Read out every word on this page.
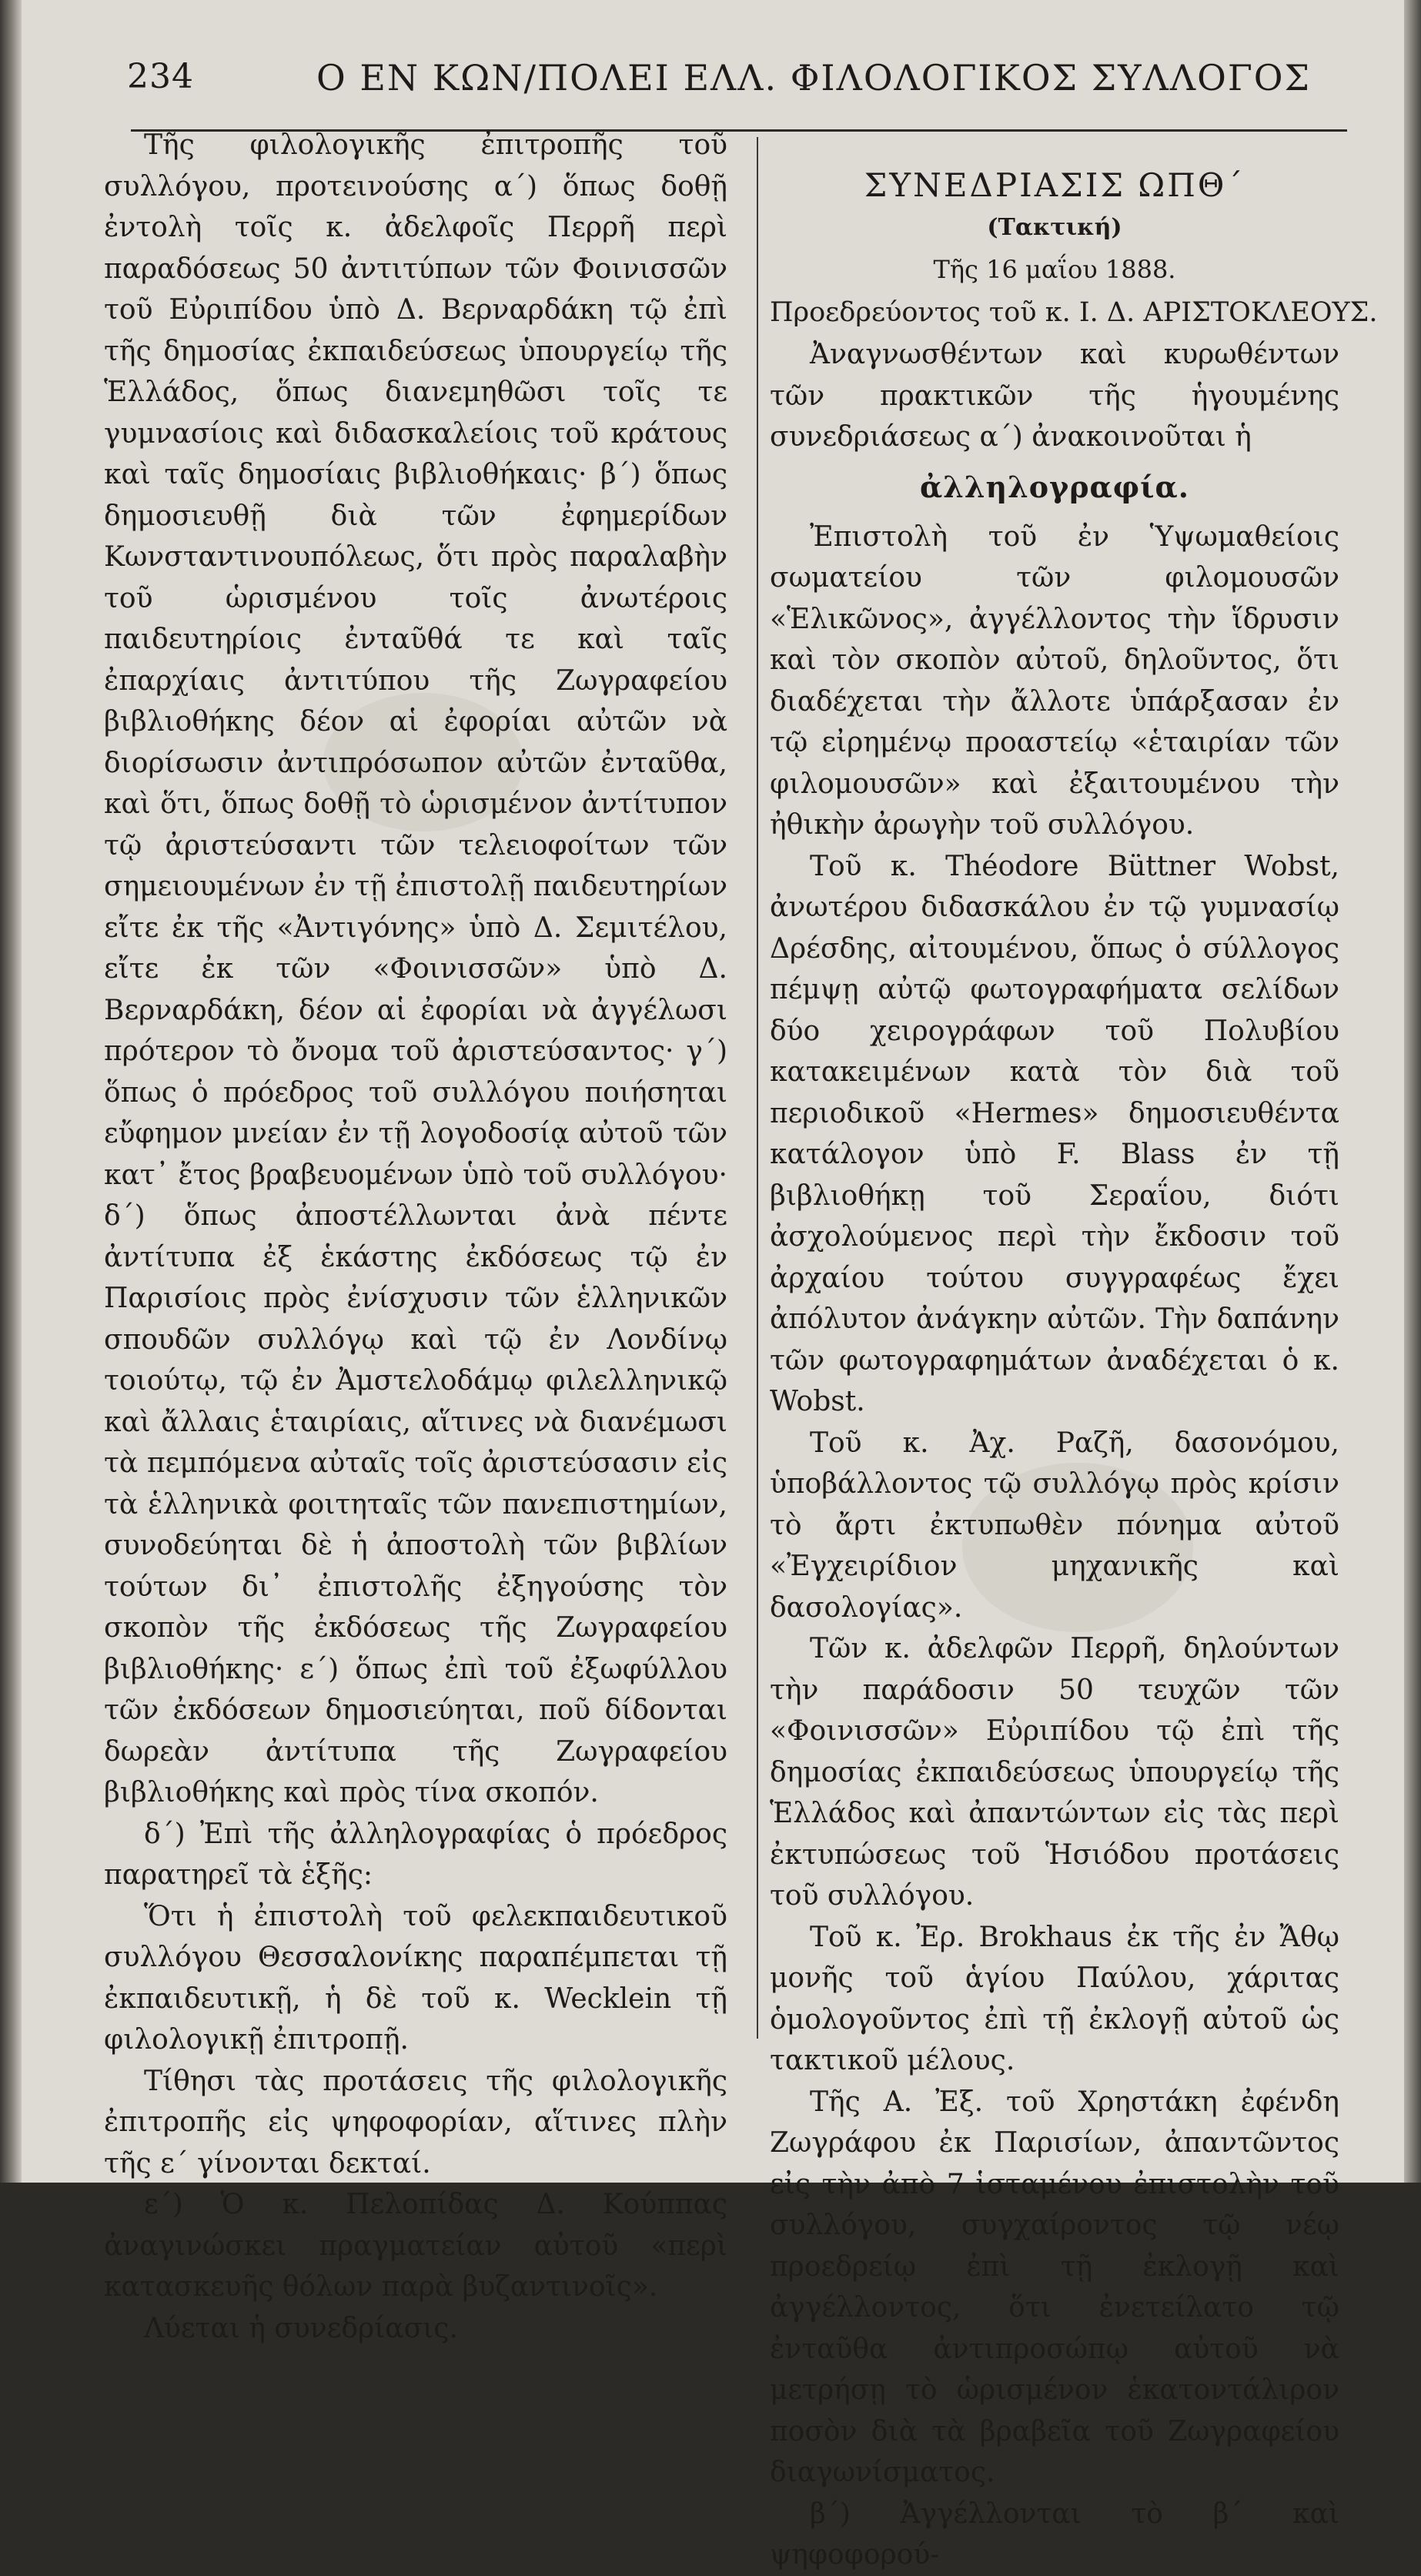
234	Ο ΕΝ ΚΩΝ/ΠΟΛΕΙ ΕΛΛ. ΦΙΛΟΛΟΓΙΚΟΣ ΣΥΛΛΟΓΟΣ

Τῆς φιλολογικῆς ἐπιτροπῆς τοῦ συλλόγου, προτεινούσης α´) ὅπως δοθῇ ἐντολὴ τοῖς κ. ἀδελφοῖς Περρῆ περὶ παραδόσεως 50 ἀντιτύπων τῶν Φοινισσῶν τοῦ Εὐριπίδου ὑπὸ Δ. Βερναρδάκη τῷ ἐπὶ τῆς δημοσίας ἐκπαιδεύσεως ὑπουργείῳ τῆς Ἑλλάδος, ὅπως διανεμηθῶσι τοῖς τε γυμνασίοις καὶ διδασκαλείοις τοῦ κράτους καὶ ταῖς δημοσίαις βιβλιοθήκαις· β´) ὅπως δημοσιευθῇ διὰ τῶν ἐφημερίδων Κωνσταντινουπόλεως, ὅτι πρὸς παραλαβὴν τοῦ ὡρισμένου τοῖς ἀνωτέροις παιδευτηρίοις ἐνταῦθά τε καὶ ταῖς ἐπαρχίαις ἀντιτύπου τῆς Ζωγραφείου βιβλιοθήκης δέον αἱ ἐφορίαι αὐτῶν νὰ διορίσωσιν ἀντιπρόσωπον αὐτῶν ἐνταῦθα, καὶ ὅτι, ὅπως δοθῇ τὸ ὡρισμένον ἀντίτυπον τῷ ἀριστεύσαντι τῶν τελειοφοίτων τῶν σημειουμένων ἐν τῇ ἐπιστολῇ παιδευτηρίων εἴτε ἐκ τῆς «Ἀντιγόνης» ὑπὸ Δ. Σεμιτέλου, εἴτε ἐκ τῶν «Φοινισσῶν» ὑπὸ Δ. Βερναρδάκη, δέον αἱ ἐφορίαι νὰ ἀγγέλωσι πρότερον τὸ ὄνομα τοῦ ἀριστεύσαντος· γ´) ὅπως ὁ πρόεδρος τοῦ συλλόγου ποιήσηται εὔφημον μνείαν ἐν τῇ λογοδοσίᾳ αὐτοῦ τῶν κατ᾽ ἔτος βραβευομένων ὑπὸ τοῦ συλλόγου· δ´) ὅπως ἀποστέλλωνται ἀνὰ πέντε ἀντίτυπα ἐξ ἑκάστης ἐκδόσεως τῷ ἐν Παρισίοις πρὸς ἐνίσχυσιν τῶν ἑλληνικῶν σπουδῶν συλλόγῳ καὶ τῷ ἐν Λονδίνῳ τοιούτῳ, τῷ ἐν Ἀμστελοδάμῳ φιλελληνικῷ καὶ ἄλλαις ἑταιρίαις, αἵτινες νὰ διανέμωσι τὰ πεμπόμενα αὐταῖς τοῖς ἀριστεύσασιν εἰς τὰ ἑλληνικὰ φοιτηταῖς τῶν πανεπιστημίων, συνοδεύηται δὲ ἡ ἀποστολὴ τῶν βιβλίων τούτων δι᾽ ἐπιστολῆς ἐξηγούσης τὸν σκοπὸν τῆς ἐκδόσεως τῆς Ζωγραφείου βιβλιοθήκης· ε´) ὅπως ἐπὶ τοῦ ἐξωφύλλου τῶν ἐκδόσεων δημοσιεύηται, ποῦ δίδονται δωρεὰν ἀντίτυπα τῆς Ζωγραφείου βιβλιοθήκης καὶ πρὸς τίνα σκοπόν.

δ´) Ἐπὶ τῆς ἀλληλογραφίας ὁ πρόεδρος παρατηρεῖ τὰ ἑξῆς:

Ὅτι ἡ ἐπιστολὴ τοῦ φελεκπαιδευτικοῦ συλλόγου Θεσσαλονίκης παραπέμπεται τῇ ἐκπαιδευτικῇ, ἡ δὲ τοῦ κ. Wecklein τῇ φιλολογικῇ ἐπιτροπῇ.

Τίθησι τὰς προτάσεις τῆς φιλολογικῆς ἐπιτροπῆς εἰς ψηφοφορίαν, αἵτινες πλὴν τῆς ε´ γίνονται δεκταί.

ε´) Ὁ κ. Πελοπίδας Δ. Κούππας ἀναγινώσκει πραγματείαν αὐτοῦ «περὶ κατασκευῆς θόλων παρὰ βυζαντινοῖς».

Λύεται ἡ συνεδρίασις.

ΣΥΝΕΔΡΙΑΣΙΣ ΩΠΘ´

(Τακτική)

Τῆς 16 μαΐου 1888.

Προεδρεύοντος τοῦ κ. Ι. Δ. ΑΡΙΣΤΟΚΛΕΟΥΣ.

Ἀναγνωσθέντων καὶ κυρωθέντων τῶν πρακτικῶν τῆς ἡγουμένης συνεδριάσεως α´) ἀνακοινοῦται ἡ

ἀλληλογραφία.

Ἐπιστολὴ τοῦ ἐν Ὑψωμαθείοις σωματείου τῶν φιλομουσῶν «Ἑλικῶνος», ἀγγέλλοντος τὴν ἵδρυσιν καὶ τὸν σκοπὸν αὐτοῦ, δηλοῦντος, ὅτι διαδέχεται τὴν ἄλλοτε ὑπάρξασαν ἐν τῷ εἰρημένῳ προαστείῳ «ἑταιρίαν τῶν φιλομουσῶν» καὶ ἐξαιτουμένου τὴν ἠθικὴν ἀρωγὴν τοῦ συλλόγου.

Τοῦ κ. Théodore Büttner Wobst, ἀνωτέρου διδασκάλου ἐν τῷ γυμνασίῳ Δρέσδης, αἰτουμένου, ὅπως ὁ σύλλογος πέμψῃ αὐτῷ φωτογραφήματα σελίδων δύο χειρογράφων τοῦ Πολυβίου κατακειμένων κατὰ τὸν διὰ τοῦ περιοδικοῦ «Hermes» δημοσιευθέντα κατάλογον ὑπὸ F. Blass ἐν τῇ βιβλιοθήκῃ τοῦ Σεραΐου, διότι ἀσχολούμενος περὶ τὴν ἔκδοσιν τοῦ ἀρχαίου τούτου συγγραφέως ἔχει ἀπόλυτον ἀνάγκην αὐτῶν. Τὴν δαπάνην τῶν φωτογραφημάτων ἀναδέχεται ὁ κ. Wobst.

Τοῦ κ. Ἀχ. Ραζῆ, δασονόμου, ὑποβάλλοντος τῷ συλλόγῳ πρὸς κρίσιν τὸ ἄρτι ἐκτυπωθὲν πόνημα αὐτοῦ «Ἐγχειρίδιον μηχανικῆς καὶ δασολογίας».

Τῶν κ. ἀδελφῶν Περρῆ, δηλούντων τὴν παράδοσιν 50 τευχῶν τῶν «Φοινισσῶν» Εὐριπίδου τῷ ἐπὶ τῆς δημοσίας ἐκπαιδεύσεως ὑπουργείῳ τῆς Ἑλλάδος καὶ ἀπαντώντων εἰς τὰς περὶ ἐκτυπώσεως τοῦ Ἡσιόδου προτάσεις τοῦ συλλόγου.

Τοῦ κ. Ἐρ. Brokhaus ἐκ τῆς ἐν Ἄθῳ μονῆς τοῦ ἁγίου Παύλου, χάριτας ὁμολογοῦντος ἐπὶ τῇ ἐκλογῇ αὐτοῦ ὡς τακτικοῦ μέλους.

Τῆς Α. Ἐξ. τοῦ Χρηστάκη ἐφένδη Ζωγράφου ἐκ Παρισίων, ἀπαντῶντος εἰς τὴν ἀπὸ 7 ἱσταμένου ἐπιστολὴν τοῦ συλλόγου, συγχαίροντος τῷ νέῳ προεδρείῳ ἐπὶ τῇ ἐκλογῇ καὶ ἀγγέλλοντος, ὅτι ἐνετείλατο τῷ ἐνταῦθα ἀντιπροσώπῳ αὐτοῦ νὰ μετρήσῃ τὸ ὡρισμένον ἑκατοντάλιρον ποσὸν διὰ τὰ βραβεῖα τοῦ Ζωγραφείου διαγωνίσματος.

β´) Ἀγγέλλονται τὸ β´ καὶ ψηφοφορού-
